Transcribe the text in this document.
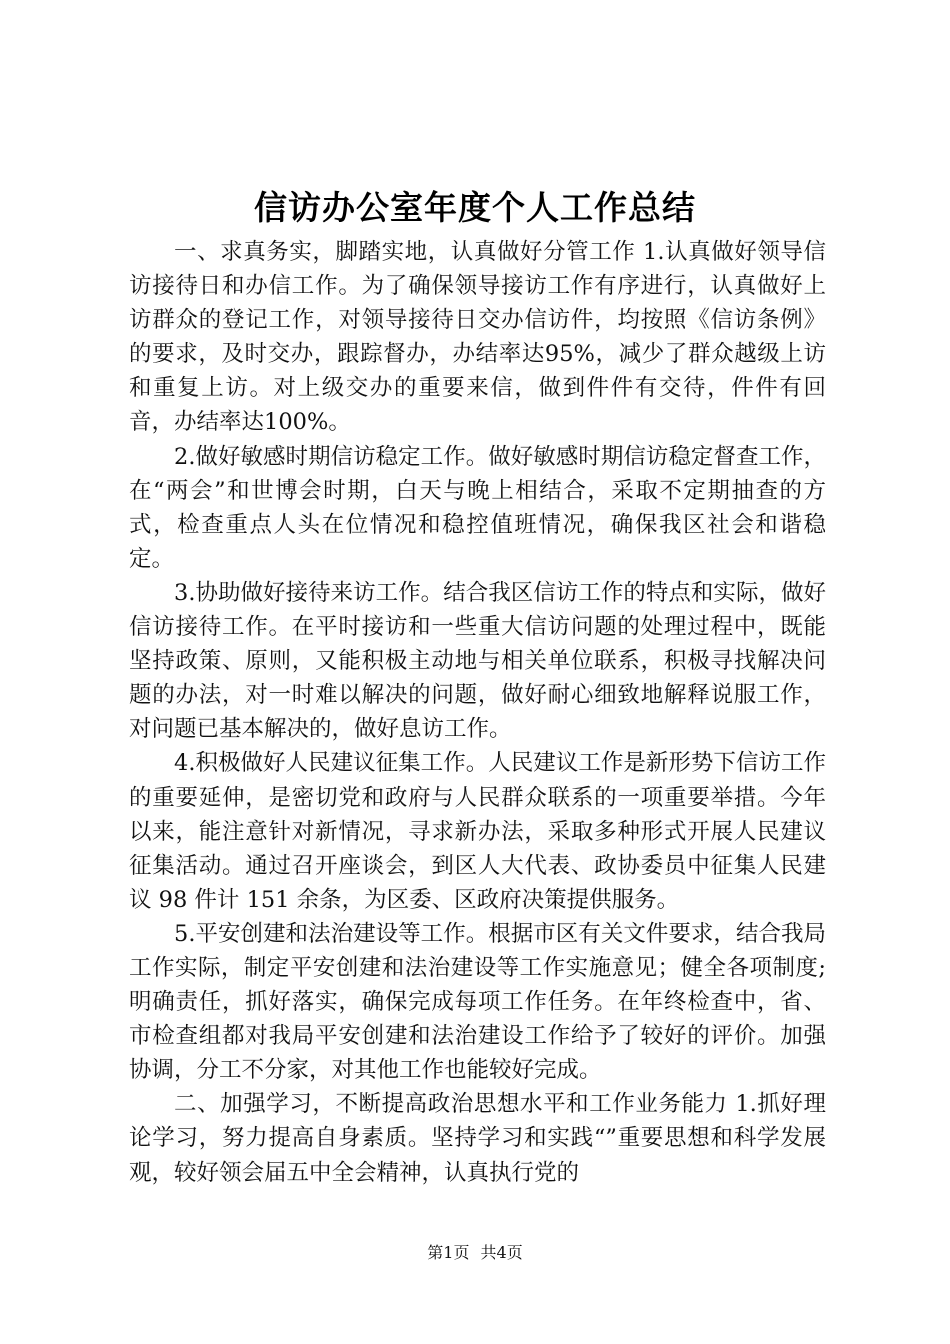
信访办公室年度个人工作总结

一、求真务实，脚踏实地，认真做好分管工作 1.认真做好领导信访接待日和办信工作。为了确保领导接访工作有序进行，认真做好上访群众的登记工作，对领导接待日交办信访件，均按照《信访条例》的要求，及时交办，跟踪督办，办结率达95%，减少了群众越级上访和重复上访。对上级交办的重要来信，做到件件有交待，件件有回音，办结率达100%。

2.做好敏感时期信访稳定工作。做好敏感时期信访稳定督查工作，在“两会”和世博会时期，白天与晚上相结合，采取不定期抽查的方式，检查重点人头在位情况和稳控值班情况，确保我区社会和谐稳定。

3.协助做好接待来访工作。结合我区信访工作的特点和实际，做好信访接待工作。在平时接访和一些重大信访问题的处理过程中，既能坚持政策、原则，又能积极主动地与相关单位联系，积极寻找解决问题的办法，对一时难以解决的问题，做好耐心细致地解释说服工作，对问题已基本解决的，做好息访工作。

4.积极做好人民建议征集工作。人民建议工作是新形势下信访工作的重要延伸，是密切党和政府与人民群众联系的一项重要举措。今年以来，能注意针对新情况，寻求新办法，采取多种形式开展人民建议征集活动。通过召开座谈会，到区人大代表、政协委员中征集人民建议 98 件计 151 余条，为区委、区政府决策提供服务。

5.平安创建和法治建设等工作。根据市区有关文件要求，结合我局工作实际，制定平安创建和法治建设等工作实施意见；健全各项制度;明确责任，抓好落实，确保完成每项工作任务。在年终检查中，省、市检查组都对我局平安创建和法治建设工作给予了较好的评价。加强协调，分工不分家，对其他工作也能较好完成。

二、加强学习，不断提高政治思想水平和工作业务能力 1.抓好理论学习，努力提高自身素质。坚持学习和实践“”重要思想和科学发展观，较好领会届五中全会精神，认真执行党的

第1页 共4页
